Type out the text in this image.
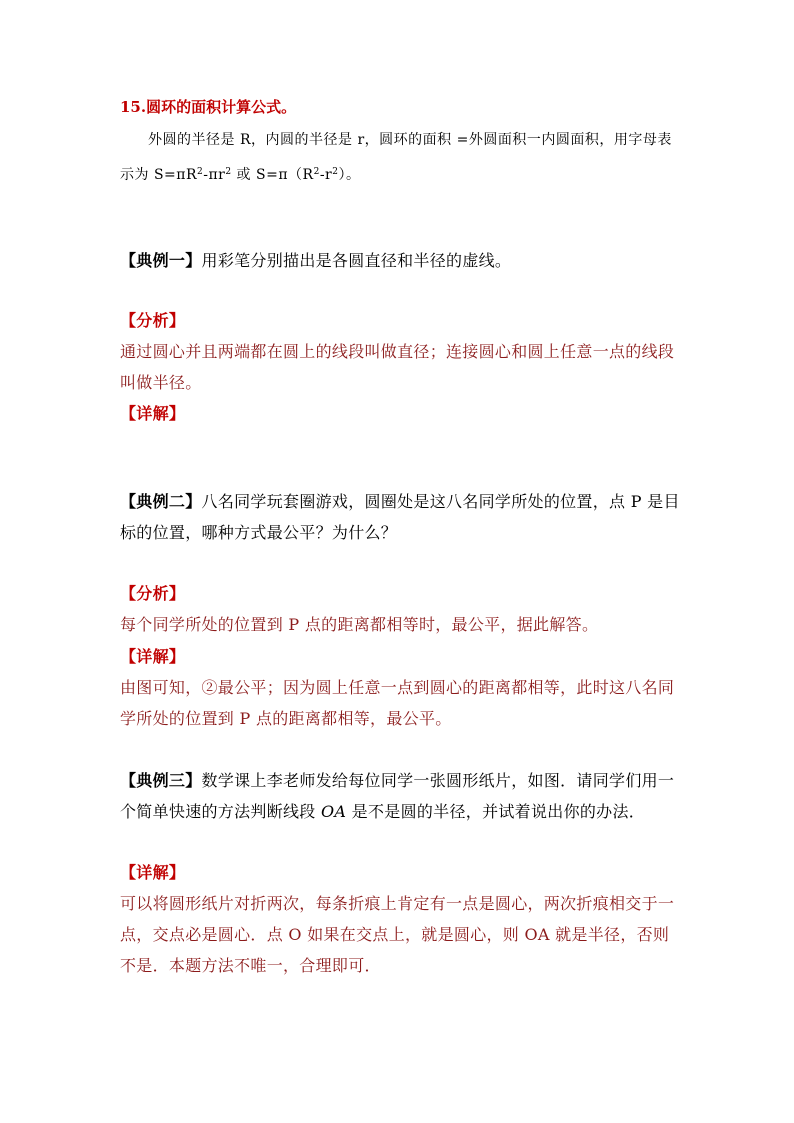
15.圆环的面积计算公式。
外圆的半径是 R，内圆的半径是 r，圆环的面积 =外圆面积一内圆面积，用字母表示为 $S=\pi R^2-\pi r^2$ 或 $S=\pi(R^2-r^2)$。
【典例一】用彩笔分别描出是各圆直径和半径的虚线。
【分析】
通过圆心并且两端都在圆上的线段叫做直径；连接圆心和圆上任意一点的线段叫做半径。
【详解】
【典例二】八名同学玩套圈游戏，圆圈处是这八名同学所处的位置，点 P 是目标的位置，哪种方式最公平？为什么？
【分析】
每个同学所处的位置到 P 点的距离都相等时，最公平，据此解答。
【详解】
由图可知，②最公平；因为圆上任意一点到圆心的距离都相等，此时这八名同学所处的位置到 P 点的距离都相等，最公平。
【典例三】数学课上李老师发给每位同学一张圆形纸片，如图．请同学们用一个简单快速的方法判断线段 OA 是不是圆的半径，并试着说出你的办法．
【详解】
可以将圆形纸片对折两次，每条折痕上肯定有一点是圆心，两次折痕相交于一点，交点必是圆心．点 O 如果在交点上，就是圆心，则 OA 就是半径，否则不是．本题方法不唯一，合理即可．
